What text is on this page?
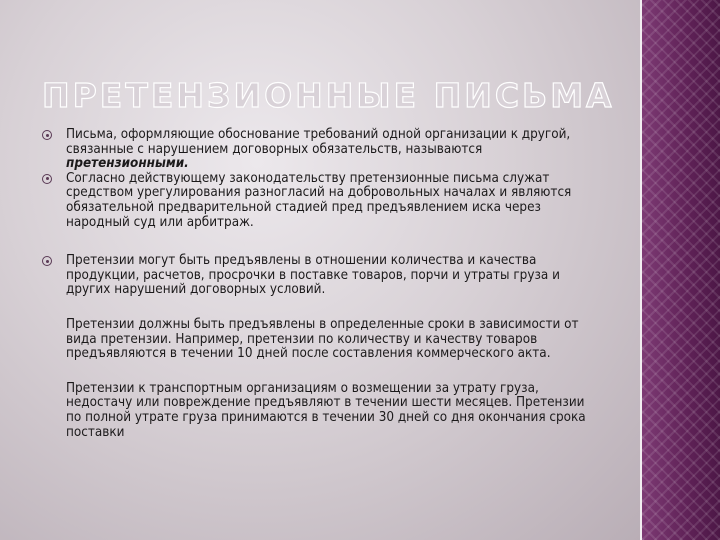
ПРЕТЕНЗИОННЫЕ ПИСЬМА
Письма, оформляющие обоснование требований одной организации к другой, связанные с нарушением договорных обязательств, называются претензионными.
Согласно действующему законодательству претензионные письма служат средством урегулирования разногласий на добровольных началах и являются обязательной предварительной стадией пред предъявлением иска через народный суд или арбитраж.
Претензии могут быть предъявлены в отношении количества и качества продукции, расчетов, просрочки в поставке товаров, порчи и утраты груза и других нарушений договорных условий.
Претензии должны быть предъявлены в определенные сроки в зависимости от вида претензии. Например, претензии по количеству и качеству товаров предъявляются в течении 10 дней после составления коммерческого акта.
Претензии к транспортным организациям о возмещении за утрату груза, недостачу или повреждение предъявляют в течении шести месяцев. Претензии по полной утрате груза принимаются в течении 30 дней со дня окончания срока поставки
